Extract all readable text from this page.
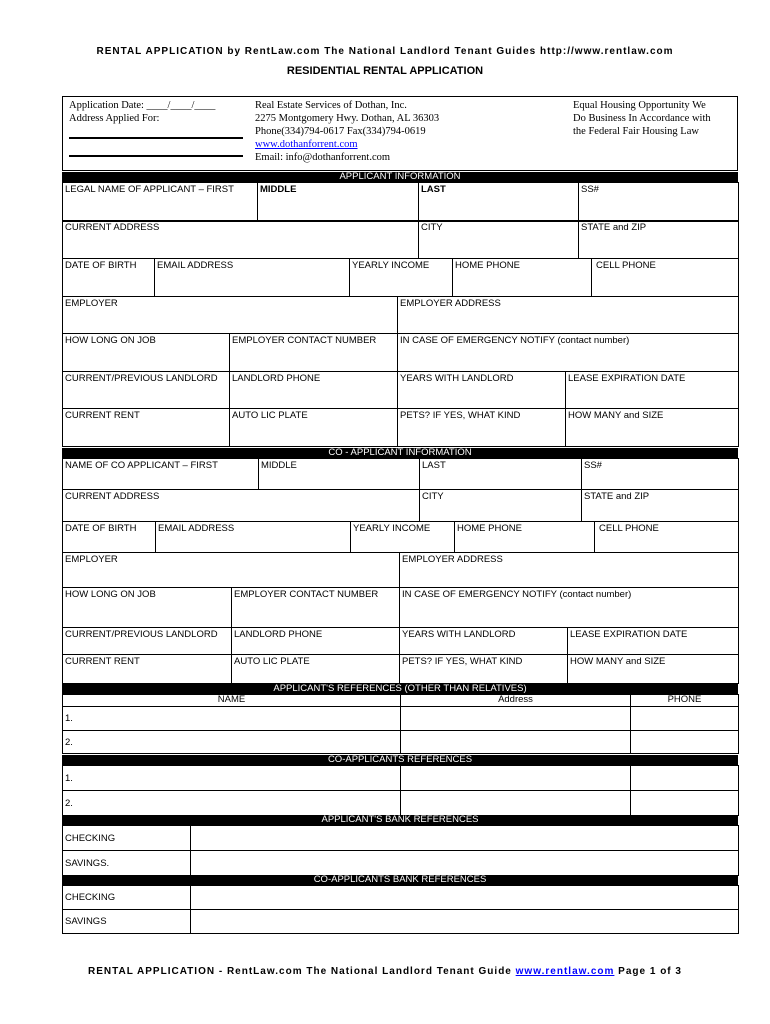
RENTAL APPLICATION by RentLaw.com The National Landlord Tenant Guides http://www.rentlaw.com
RESIDENTIAL RENTAL APPLICATION
Application Date: ____/____/____
Address Applied For:
Real Estate Services of Dothan, Inc.
2275 Montgomery Hwy. Dothan, AL 36303
Phone(334)794-0617 Fax(334)794-0619
www.dothanforrent.com
Email: info@dothanforrent.com
Equal Housing Opportunity We
Do Business In Accordance with
the Federal Fair Housing Law
APPLICANT INFORMATION
LEGAL NAME OF APPLICANT – FIRST	MIDDLE	LAST	SS#
CURRENT ADDRESS	CITY	STATE and ZIP
DATE OF BIRTH	EMAIL ADDRESS	YEARLY INCOME	HOME PHONE	CELL PHONE
EMPLOYER	EMPLOYER ADDRESS
HOW LONG ON JOB	EMPLOYER CONTACT NUMBER	IN CASE OF EMERGENCY NOTIFY (contact number)
CURRENT/PREVIOUS LANDLORD	LANDLORD PHONE	YEARS WITH LANDLORD	LEASE EXPIRATION DATE
CURRENT RENT	AUTO LIC PLATE	PETS? IF YES, WHAT KIND	HOW MANY and SIZE
CO - APPLICANT INFORMATION
NAME OF CO APPLICANT – FIRST	MIDDLE	LAST	SS#
CURRENT ADDRESS	CITY	STATE and ZIP
DATE OF BIRTH	EMAIL ADDRESS	YEARLY INCOME	HOME PHONE	CELL PHONE
EMPLOYER	EMPLOYER ADDRESS
HOW LONG ON JOB	EMPLOYER CONTACT NUMBER	IN CASE OF EMERGENCY NOTIFY (contact number)
CURRENT/PREVIOUS LANDLORD	LANDLORD PHONE	YEARS WITH LANDLORD	LEASE EXPIRATION DATE
CURRENT RENT	AUTO LIC PLATE	PETS? IF YES, WHAT KIND	HOW MANY and SIZE
APPLICANT'S REFERENCES (OTHER THAN RELATIVES)
NAME	Address	PHONE
1.		
2.		
CO-APPLICANTS REFERENCES
1.		
2.		
APPLICANT'S BANK REFERENCES
CHECKING	
SAVINGS.	
CO-APPLICANTS BANK REFERENCES
CHECKING	
SAVINGS	
RENTAL APPLICATION - RentLaw.com The National Landlord Tenant Guide www.rentlaw.com Page 1 of 3
